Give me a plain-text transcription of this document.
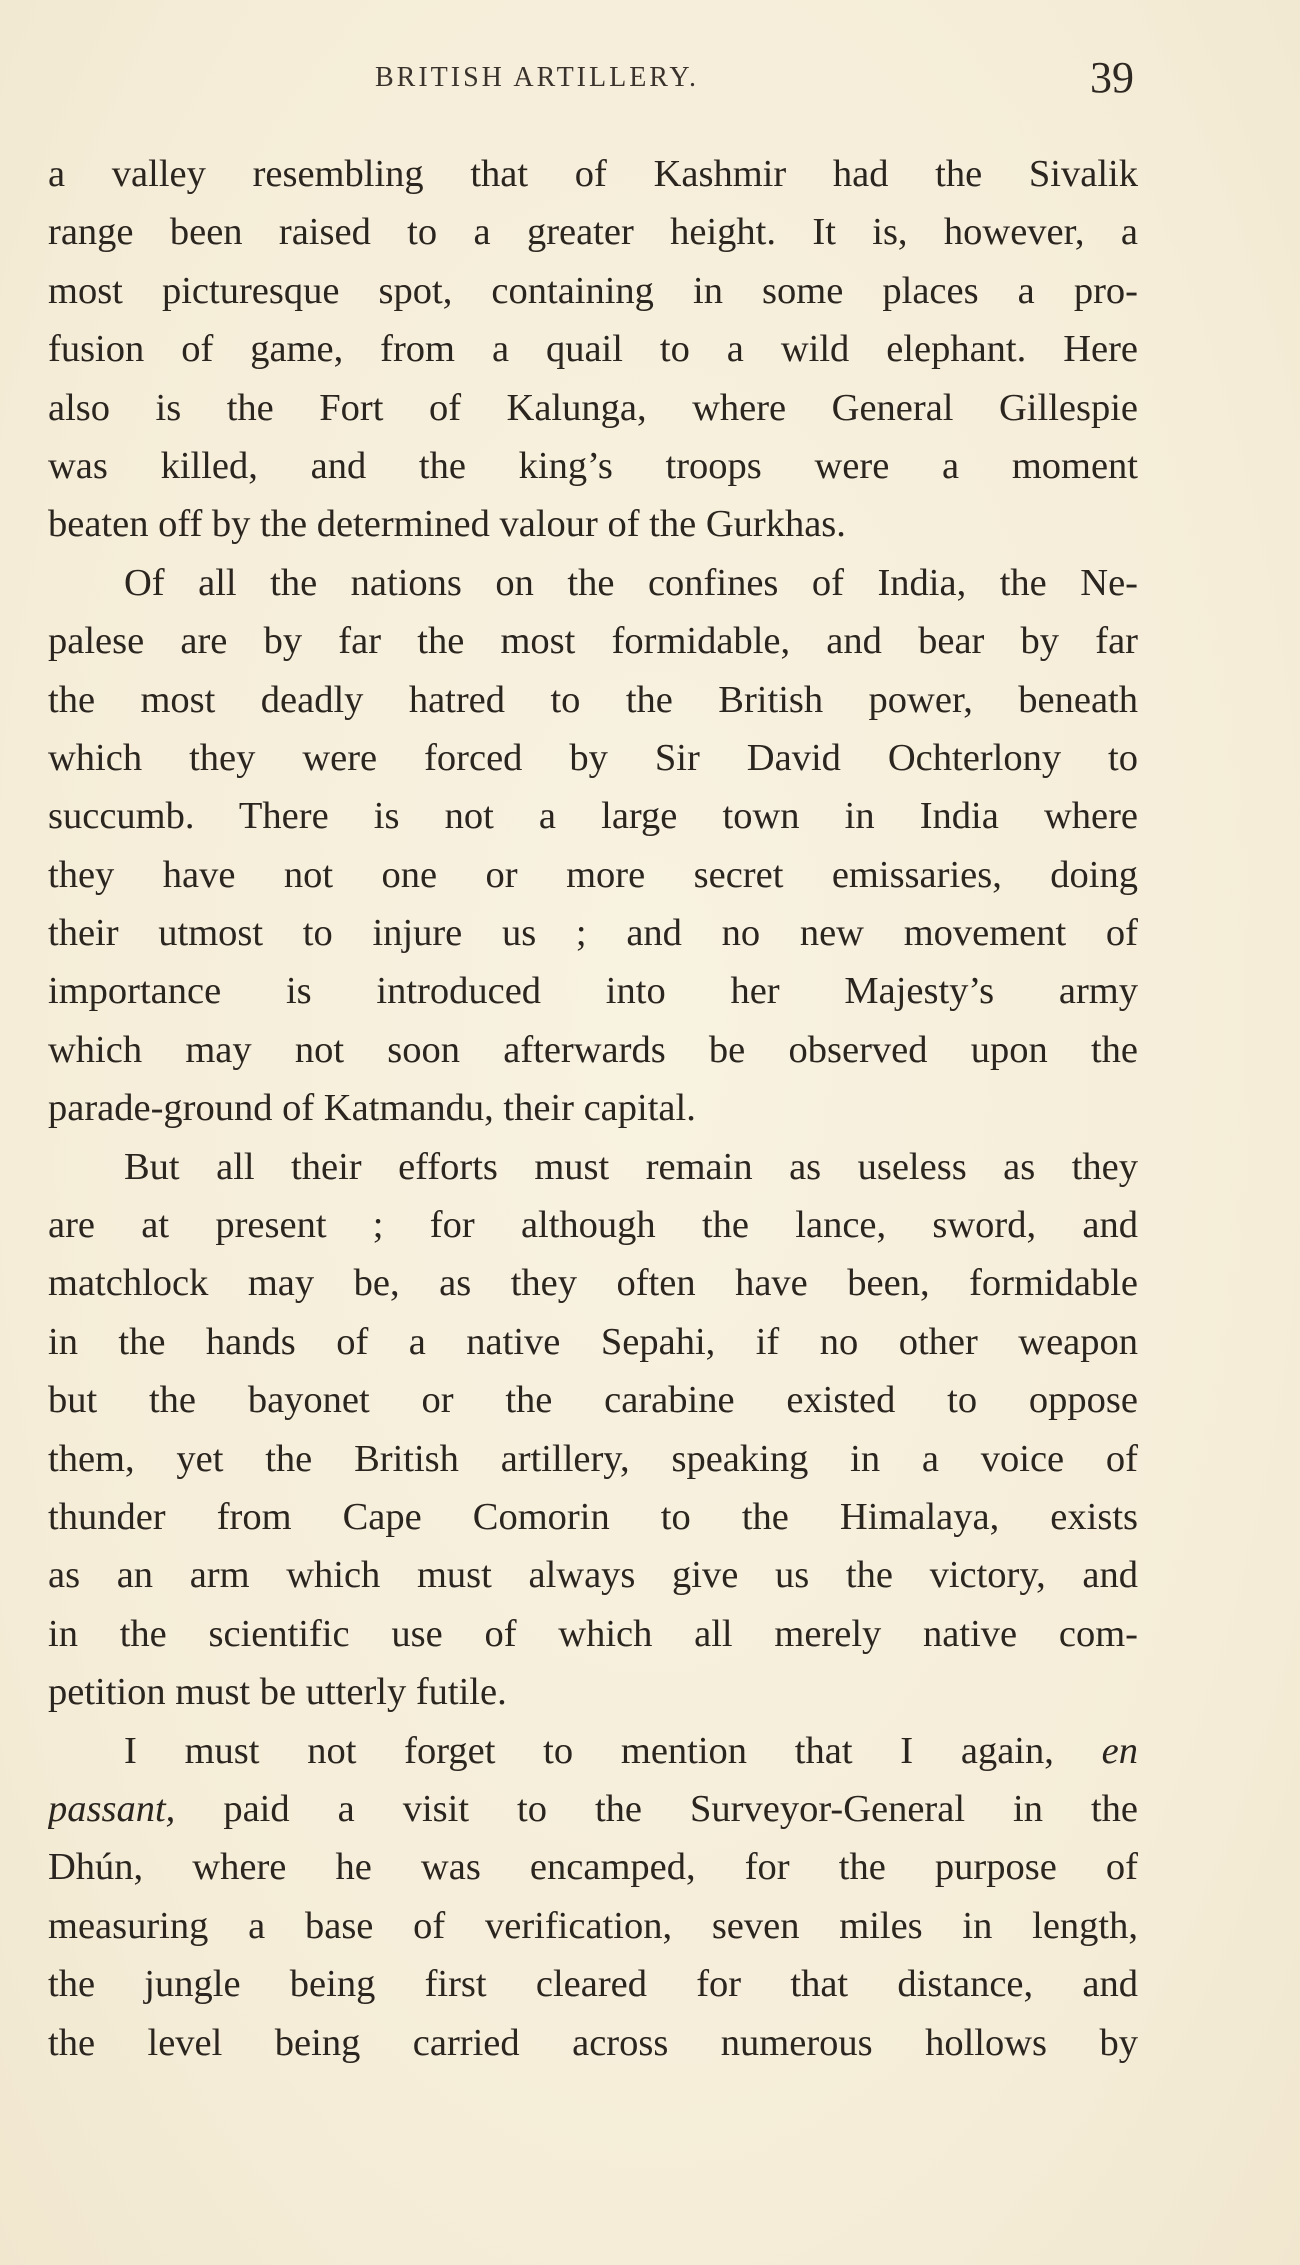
BRITISH ARTILLERY.	39
a valley resembling that of Kashmir had the Sivalik
range been raised to a greater height. It is, however, a
most picturesque spot, containing in some places a pro-
fusion of game, from a quail to a wild elephant. Here
also is the Fort of Kalunga, where General Gillespie
was killed, and the king’s troops were a moment
beaten off by the determined valour of the Gurkhas.
Of all the nations on the confines of India, the Ne-
palese are by far the most formidable, and bear by far
the most deadly hatred to the British power, beneath
which they were forced by Sir David Ochterlony to
succumb. There is not a large town in India where
they have not one or more secret emissaries, doing
their utmost to injure us ; and no new movement of
importance is introduced into her Majesty’s army
which may not soon afterwards be observed upon the
parade-ground of Katmandu, their capital.
But all their efforts must remain as useless as they
are at present ; for although the lance, sword, and
matchlock may be, as they often have been, formidable
in the hands of a native Sepahi, if no other weapon
but the bayonet or the carabine existed to oppose
them, yet the British artillery, speaking in a voice of
thunder from Cape Comorin to the Himalaya, exists
as an arm which must always give us the victory, and
in the scientific use of which all merely native com-
petition must be utterly futile.
I must not forget to mention that I again, en
passant, paid a visit to the Surveyor-General in the
Dhún, where he was encamped, for the purpose of
measuring a base of verification, seven miles in length,
the jungle being first cleared for that distance, and
the level being carried across numerous hollows by
